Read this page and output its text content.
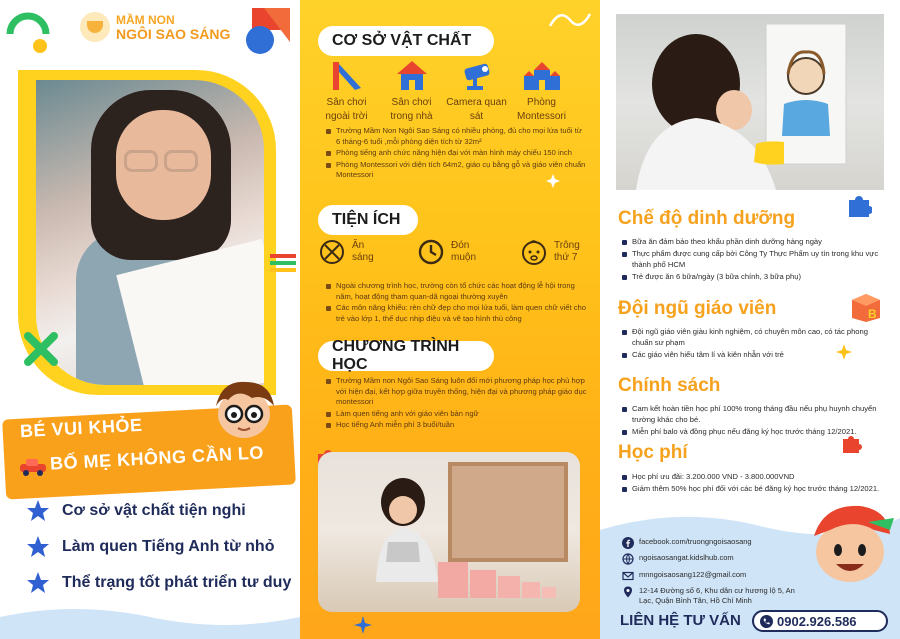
MẦM NON
NGÔI SAO SÁNG
BÉ VUI KHỎE
BỐ MẸ KHÔNG CẦN LO
Cơ sở vật chất tiện nghi
Làm quen Tiếng Anh từ nhỏ
Thể trạng tốt phát triển tư duy
CƠ SỞ VẬT CHẤT
Sân chơi ngoài trời
Sân chơi trong nhà
Camera quan sát
Phòng Montessori
Trường Mầm Non Ngôi Sao Sáng có nhiều phòng, đủ cho mọi lứa tuổi từ 6 tháng-6 tuổi ,mỗi phòng diện tích từ 32m²
Phòng tiếng anh chức năng hiện đại với màn hình máy chiếu 150 inch
Phòng Montessori với diện tích 64m2, giáo cụ bằng gỗ và giáo viên chuẩn Montessori
TIỆN ÍCH
Ăn sáng
Đón muộn
Trông thứ 7
Ngoài chương trình học, trường còn tổ chức các hoạt động lễ hội trong năm, hoạt động tham quan-dã ngoại thường xuyên
Các môn năng khiếu: rèn chữ đẹp cho mọi lứa tuổi, làm quen chữ viết cho trẻ vào lớp 1, thể dục nhịp điệu và vẽ tạo hình thủ công
CHƯƠNG TRÌNH HỌC
Trường Mầm non Ngôi Sao Sáng luôn đổi mới phương pháp học phù hợp với hiện đại, kết hợp giữa truyền thống, hiện đại và phương pháp giáo dục montessori
Làm quen tiếng anh với giáo viên bản ngữ
Học tiếng Anh miễn phí 3 buổi/tuần
Chế độ dinh dưỡng
Bữa ăn đảm bảo theo khẩu phần dinh dưỡng hàng ngày
Thực phẩm được cung cấp bởi Công Ty Thực Phẩm uy tín trong khu vực thành phố HCM
Trẻ được ăn 6 bữa/ngày (3 bữa chính, 3 bữa phụ)
B
Đội ngũ giáo viên
Đội ngũ giáo viên giàu kinh nghiệm, có chuyên môn cao, có tác phong chuẩn sư phạm
Các giáo viên hiểu tâm lí và kiên nhẫn với trẻ
Chính sách
Cam kết hoàn tiền học phí 100% trong tháng đầu nếu phụ huynh chuyển trường khác cho bé.
Miễn phí balo và đồng phục nếu đăng ký học trước tháng 12/2021.
Học phí
Học phí ưu đãi: 3.200.000 VND - 3.800.000VND
Giảm thêm 50% học phí đối với các bé đăng ký học trước tháng 12/2021.
facebook.com/truongngoisaosang
ngoisaosangat.kidslhub.com
mnngoisaosang122@gmail.com
12-14 Đường số 6, Khu dân cư hương lộ 5, An Lạc, Quận Bình Tân, Hồ Chí Minh
LIÊN HỆ TƯ VẤN	0902.926.586
